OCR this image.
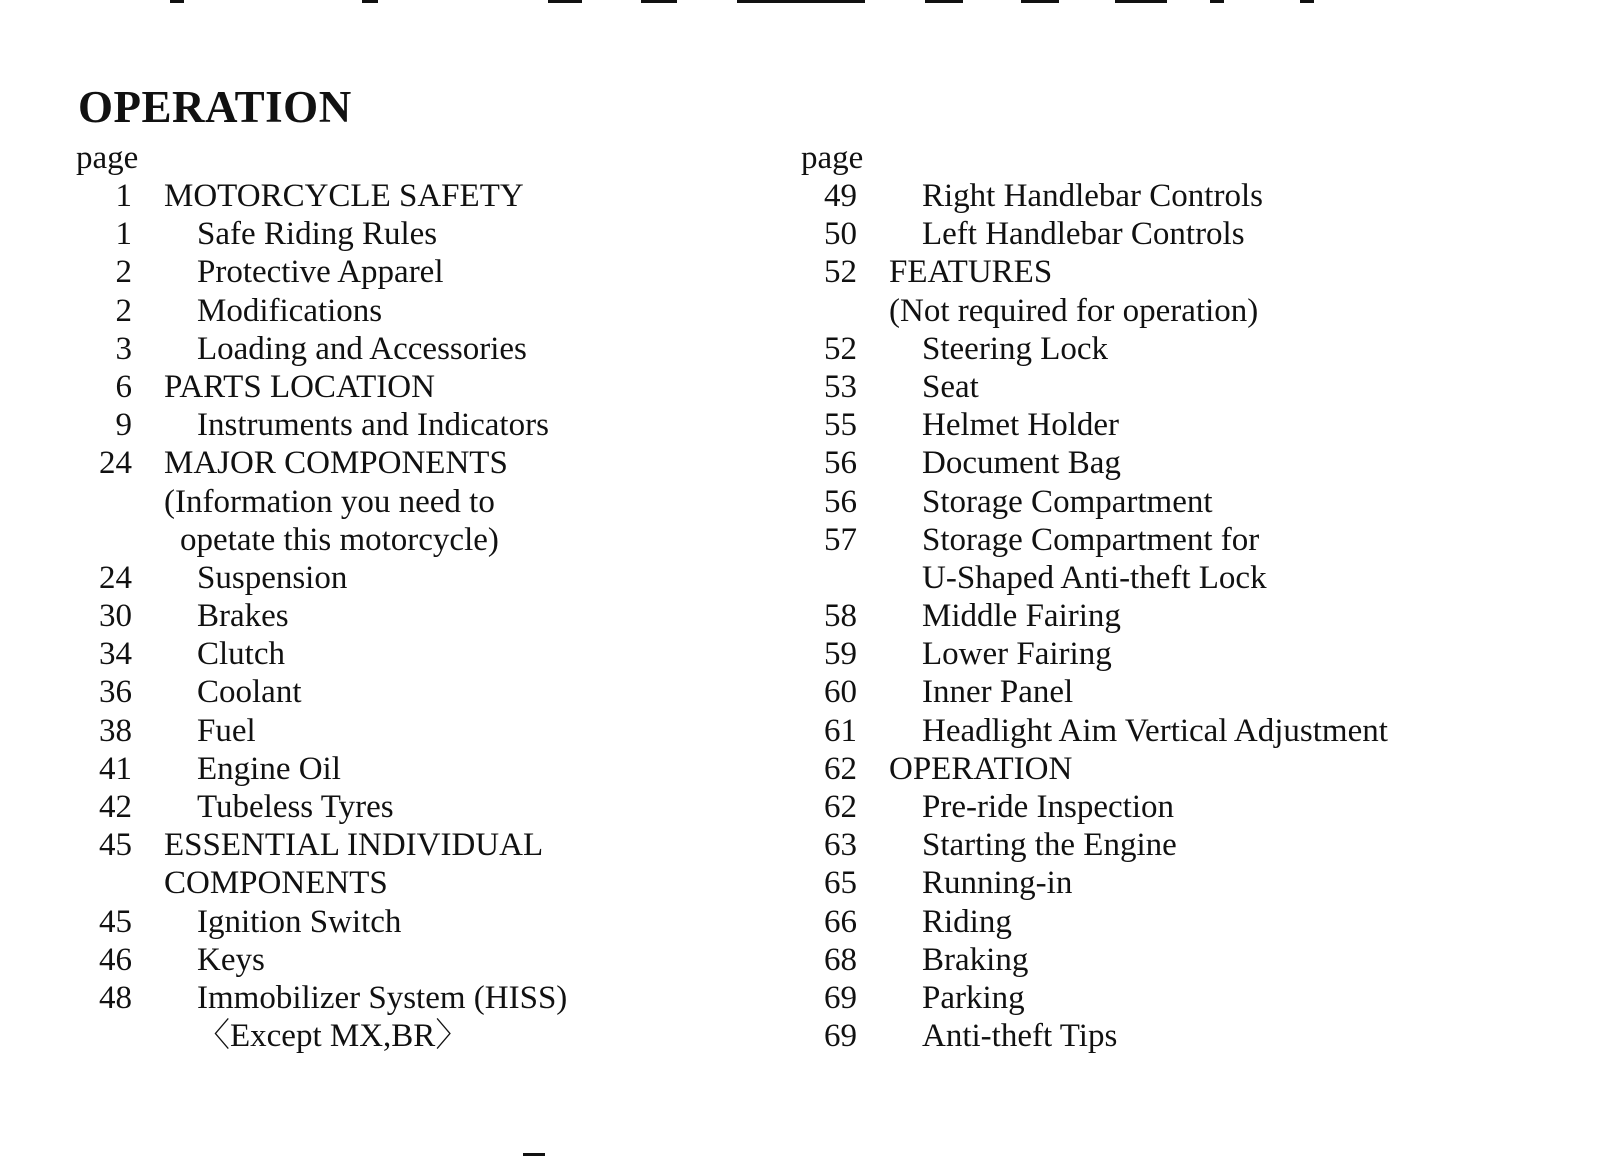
OPERATION
page
1 MOTORCYCLE SAFETY
1 Safe Riding Rules
2 Protective Apparel
2 Modifications
3 Loading and Accessories
6 PARTS LOCATION
9 Instruments and Indicators
24 MAJOR COMPONENTS
(Information you need to
opetate this motorcycle)
24 Suspension
30 Brakes
34 Clutch
36 Coolant
38 Fuel
41 Engine Oil
42 Tubeless Tyres
45 ESSENTIAL INDIVIDUAL
COMPONENTS
45 Ignition Switch
46 Keys
48 Immobilizer System (HISS)
〈Except MX,BR〉
page
49 Right Handlebar Controls
50 Left Handlebar Controls
52 FEATURES
(Not required for operation)
52 Steering Lock
53 Seat
55 Helmet Holder
56 Document Bag
56 Storage Compartment
57 Storage Compartment for
U-Shaped Anti-theft Lock
58 Middle Fairing
59 Lower Fairing
60 Inner Panel
61 Headlight Aim Vertical Adjustment
62 OPERATION
62 Pre-ride Inspection
63 Starting the Engine
65 Running-in
66 Riding
68 Braking
69 Parking
69 Anti-theft Tips
